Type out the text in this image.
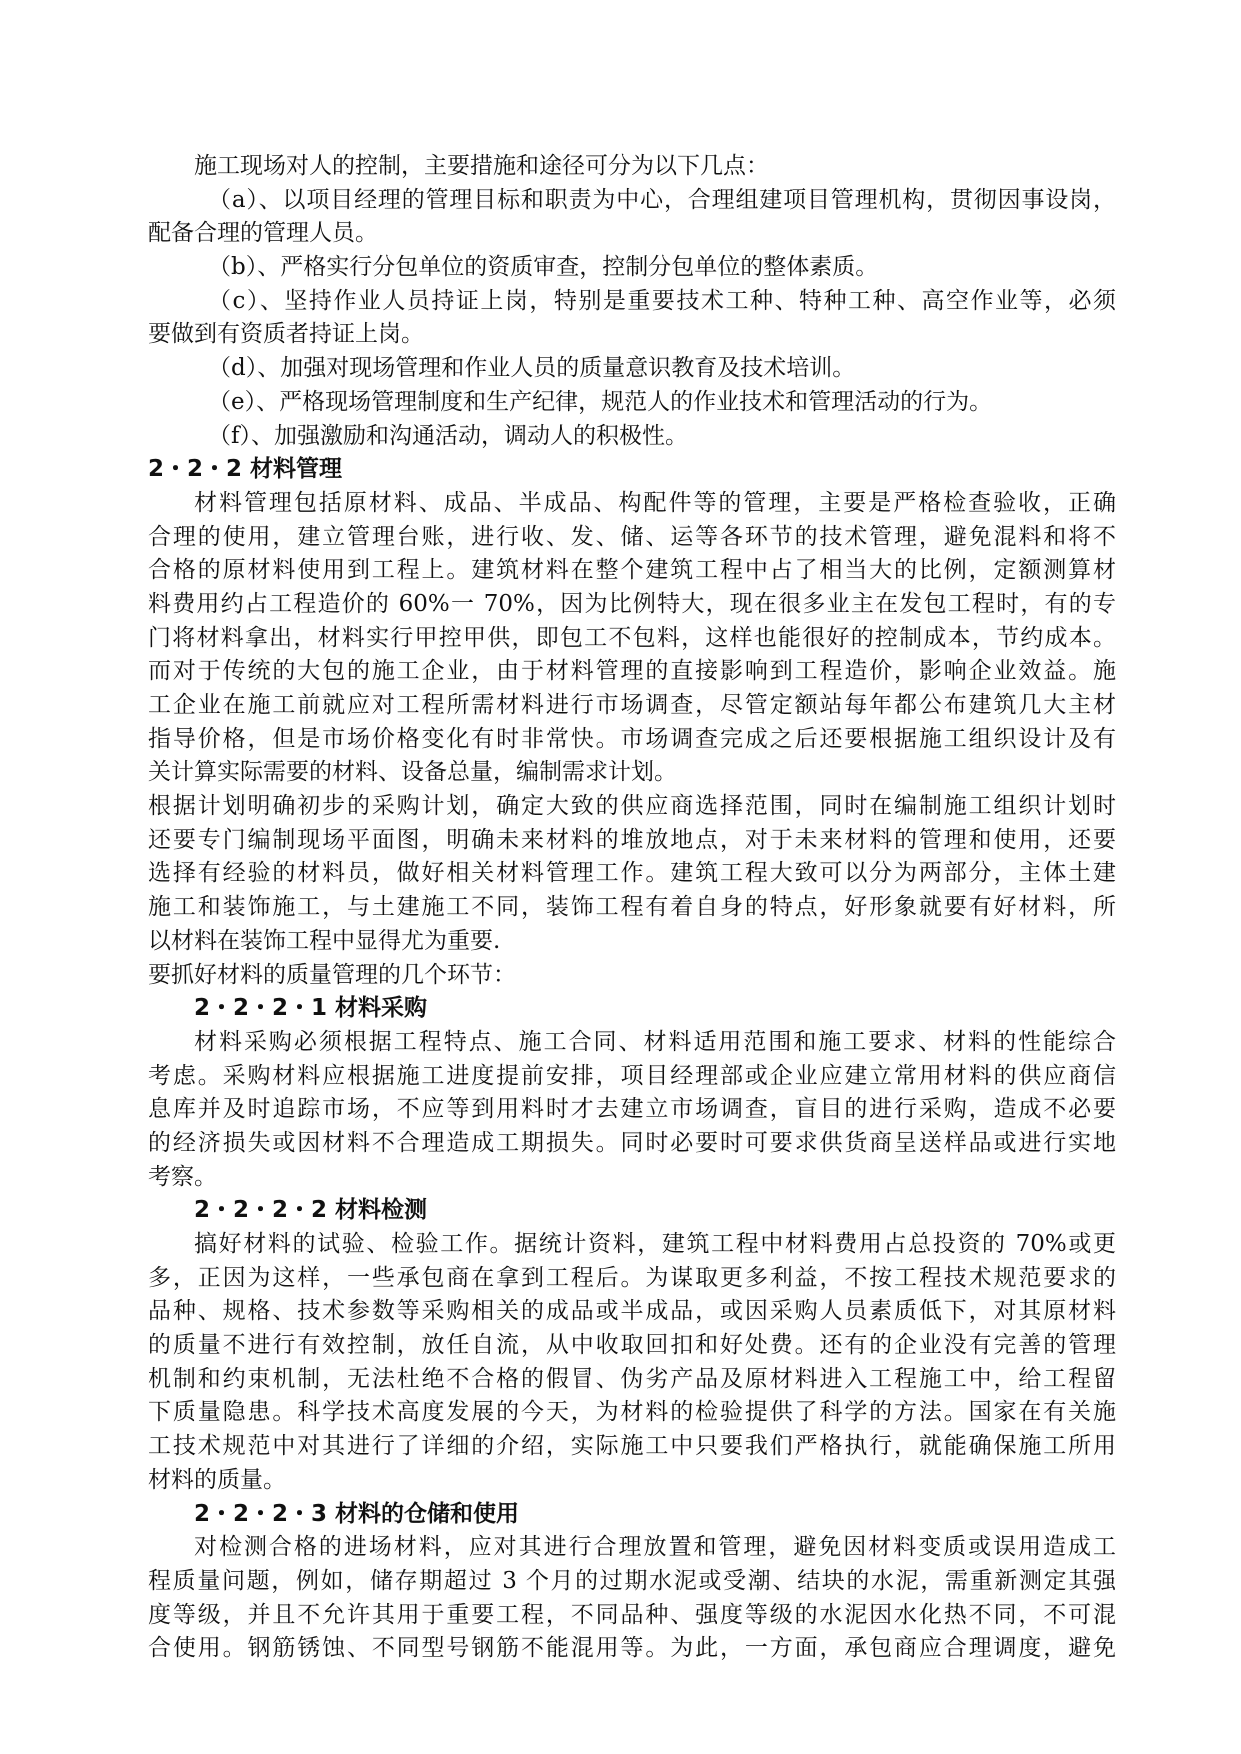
施工现场对人的控制，主要措施和途径可分为以下几点：
（a）、以项目经理的管理目标和职责为中心，合理组建项目管理机构，贯彻因事设岗，
配备合理的管理人员。
（b）、严格实行分包单位的资质审查，控制分包单位的整体素质。
（c）、坚持作业人员持证上岗，特别是重要技术工种、特种工种、高空作业等，必须
要做到有资质者持证上岗。
（d）、加强对现场管理和作业人员的质量意识教育及技术培训。
（e）、严格现场管理制度和生产纪律，规范人的作业技术和管理活动的行为。
（f）、加强激励和沟通活动，调动人的积极性。
2・2・2 材料管理
材料管理包括原材料、成品、半成品、构配件等的管理，主要是严格检查验收，正确
合理的使用，建立管理台账，进行收、发、储、运等各环节的技术管理，避免混料和将不
合格的原材料使用到工程上。建筑材料在整个建筑工程中占了相当大的比例，定额测算材
料费用约占工程造价的 60%一 70%，因为比例特大，现在很多业主在发包工程时，有的专
门将材料拿出，材料实行甲控甲供，即包工不包料，这样也能很好的控制成本，节约成本。
而对于传统的大包的施工企业，由于材料管理的直接影响到工程造价，影响企业效益。施
工企业在施工前就应对工程所需材料进行市场调查，尽管定额站每年都公布建筑几大主材
指导价格，但是市场价格变化有时非常快。市场调查完成之后还要根据施工组织设计及有
关计算实际需要的材料、设备总量，编制需求计划。
根据计划明确初步的采购计划，确定大致的供应商选择范围，同时在编制施工组织计划时
还要专门编制现场平面图，明确未来材料的堆放地点，对于未来材料的管理和使用，还要
选择有经验的材料员，做好相关材料管理工作。建筑工程大致可以分为两部分，主体土建
施工和装饰施工，与土建施工不同，装饰工程有着自身的特点，好形象就要有好材料，所
以材料在装饰工程中显得尤为重要.
要抓好材料的质量管理的几个环节：
2・2・2・1 材料采购
材料采购必须根据工程特点、施工合同、材料适用范围和施工要求、材料的性能综合
考虑。采购材料应根据施工进度提前安排，项目经理部或企业应建立常用材料的供应商信
息库并及时追踪市场，不应等到用料时才去建立市场调查，盲目的进行采购，造成不必要
的经济损失或因材料不合理造成工期损失。同时必要时可要求供货商呈送样品或进行实地
考察。
2・2・2・2 材料检测
搞好材料的试验、检验工作。据统计资料，建筑工程中材料费用占总投资的 70%或更
多，正因为这样，一些承包商在拿到工程后。为谋取更多利益，不按工程技术规范要求的
品种、规格、技术参数等采购相关的成品或半成品，或因采购人员素质低下，对其原材料
的质量不进行有效控制，放任自流，从中收取回扣和好处费。还有的企业没有完善的管理
机制和约束机制，无法杜绝不合格的假冒、伪劣产品及原材料进入工程施工中，给工程留
下质量隐患。科学技术高度发展的今天，为材料的检验提供了科学的方法。国家在有关施
工技术规范中对其进行了详细的介绍，实际施工中只要我们严格执行，就能确保施工所用
材料的质量。
2・2・2・3 材料的仓储和使用
对检测合格的进场材料，应对其进行合理放置和管理，避免因材料变质或误用造成工
程质量问题，例如，储存期超过 3 个月的过期水泥或受潮、结块的水泥，需重新测定其强
度等级，并且不允许其用于重要工程，不同品种、强度等级的水泥因水化热不同，不可混
合使用。钢筋锈蚀、不同型号钢筋不能混用等。为此，一方面，承包商应合理调度，避免
